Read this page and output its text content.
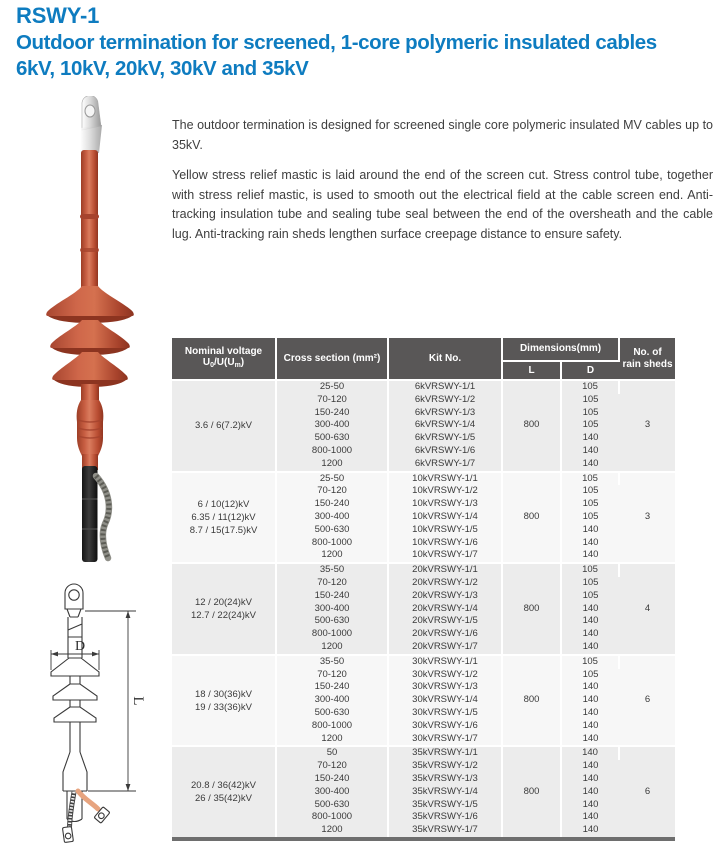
RSWY-1
Outdoor termination for screened, 1-core polymeric insulated cables
6kV, 10kV, 20kV, 30kV and 35kV

The outdoor termination is designed for screened single core polymeric insulated MV cables up to 35kV.

Yellow stress relief mastic is laid around the end of the screen cut. Stress control tube, together with stress relief mastic, is used to smooth out the electrical field at the cable screen end. Anti-tracking insulation tube and sealing tube seal between the end of the oversheath and the cable lug. Anti-tracking rain sheds lengthen surface creepage distance to ensure safety.

D
L
Nominal voltage
$U_0/U(U_m)$	Cross section (mm²)	Kit No.	Dimensions(mm)	No. of
rain sheds

			L	D	

3.6 / 6(7.2)kV	25-50	6kVRSWY-1/1	800	105	3
	70-120	6kVRSWY-1/2		105	
	150-240	6kVRSWY-1/3		105	
	300-400	6kVRSWY-1/4		105	
	500-630	6kVRSWY-1/5		140	
	800-1000	6kVRSWY-1/6		140	
	1200	6kVRSWY-1/7		140	

6 / 10(12)kV
6.35 / 11(12)kV
8.7 / 15(17.5)kV	25-50	10kVRSWY-1/1	800	105	3
	70-120	10kVRSWY-1/2		105	
	150-240	10kVRSWY-1/3		105	
	300-400	10kVRSWY-1/4		105	
	500-630	10kVRSWY-1/5		140	
	800-1000	10kVRSWY-1/6		140	
	1200	10kVRSWY-1/7		140	

12 / 20(24)kV
12.7 / 22(24)kV	35-50	20kVRSWY-1/1	800	105	4
	70-120	20kVRSWY-1/2		105	
	150-240	20kVRSWY-1/3		105	
	300-400	20kVRSWY-1/4		140	
	500-630	20kVRSWY-1/5		140	
	800-1000	20kVRSWY-1/6		140	
	1200	20kVRSWY-1/7		140	

18 / 30(36)kV
19 / 33(36)kV	35-50	30kVRSWY-1/1	800	105	6
	70-120	30kVRSWY-1/2		105	
	150-240	30kVRSWY-1/3		140	
	300-400	30kVRSWY-1/4		140	
	500-630	30kVRSWY-1/5		140	
	800-1000	30kVRSWY-1/6		140	
	1200	30kVRSWY-1/7		140	

20.8 / 36(42)kV
26 / 35(42)kV	50	35kVRSWY-1/1	800	140	6
	70-120	35kVRSWY-1/2		140	
	150-240	35kVRSWY-1/3		140	
	300-400	35kVRSWY-1/4		140	
	500-630	35kVRSWY-1/5		140	
	800-1000	35kVRSWY-1/6		140	
	1200	35kVRSWY-1/7		140	
